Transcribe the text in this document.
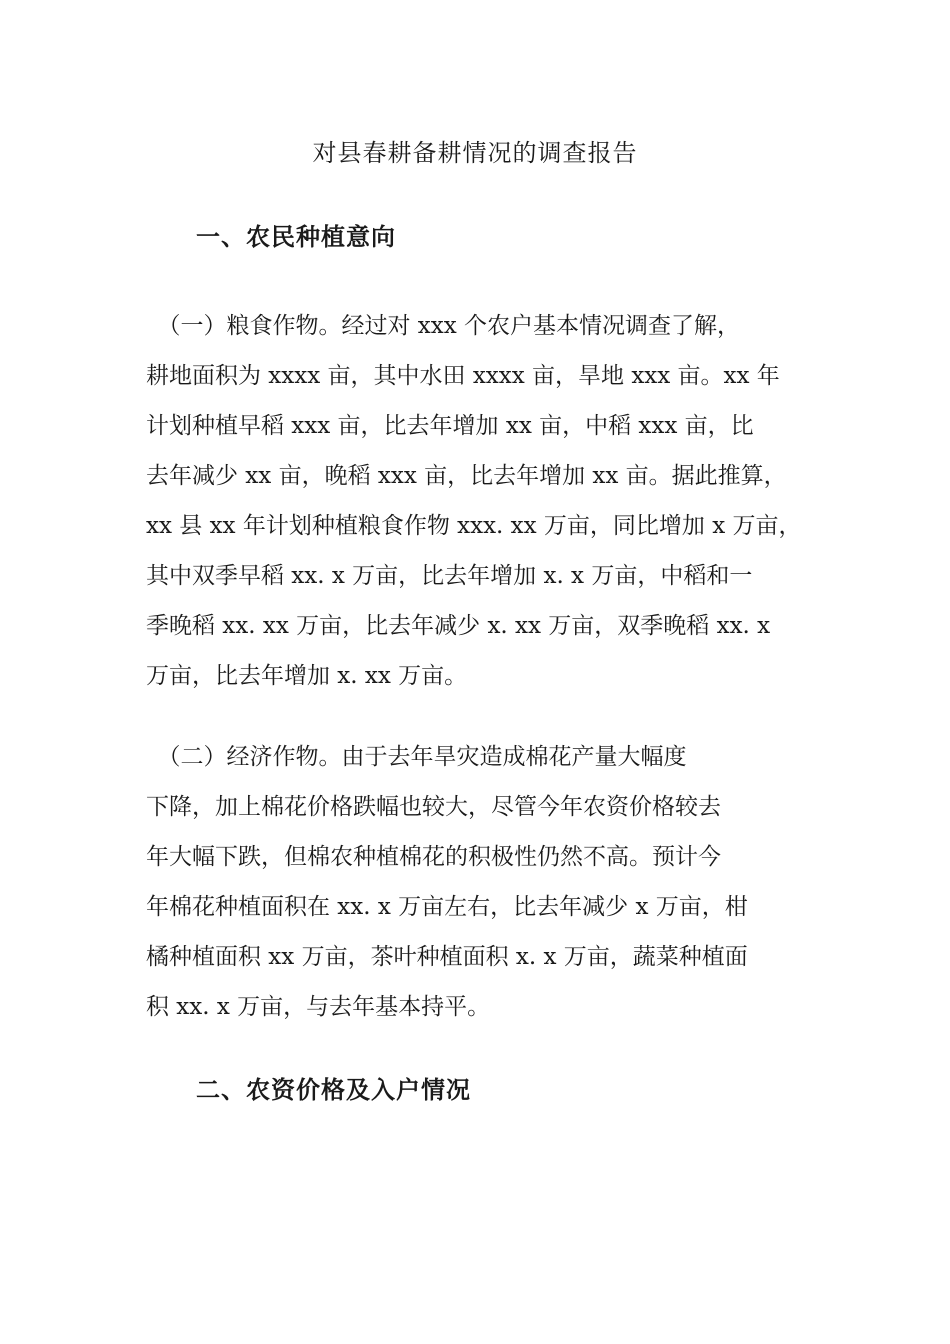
对县春耕备耕情况的调查报告
一、农民种植意向

　（一）粮食作物。经过对 xxx 个农户基本情况调查了解，
耕地面积为 xxxx 亩，其中水田 xxxx 亩，旱地 xxx 亩。xx 年
计划种植早稻 xxx 亩，比去年增加 xx 亩，中稻 xxx 亩，比
去年减少 xx 亩，晚稻 xxx 亩，比去年增加 xx 亩。据此推算，
xx 县 xx 年计划种植粮食作物 xxx. xx 万亩，同比增加 x 万亩，
其中双季早稻 xx. x 万亩，比去年增加 x. x 万亩，中稻和一
季晚稻 xx. xx 万亩，比去年减少 x. xx 万亩，双季晚稻 xx. x
万亩，比去年增加 x. xx 万亩。

　（二）经济作物。由于去年旱灾造成棉花产量大幅度
下降，加上棉花价格跌幅也较大，尽管今年农资价格较去
年大幅下跌，但棉农种植棉花的积极性仍然不高。预计今
年棉花种植面积在 xx. x 万亩左右，比去年减少 x 万亩，柑
橘种植面积 xx 万亩，茶叶种植面积 x. x 万亩，蔬菜种植面
积 xx. x 万亩，与去年基本持平。

二、农资价格及入户情况
